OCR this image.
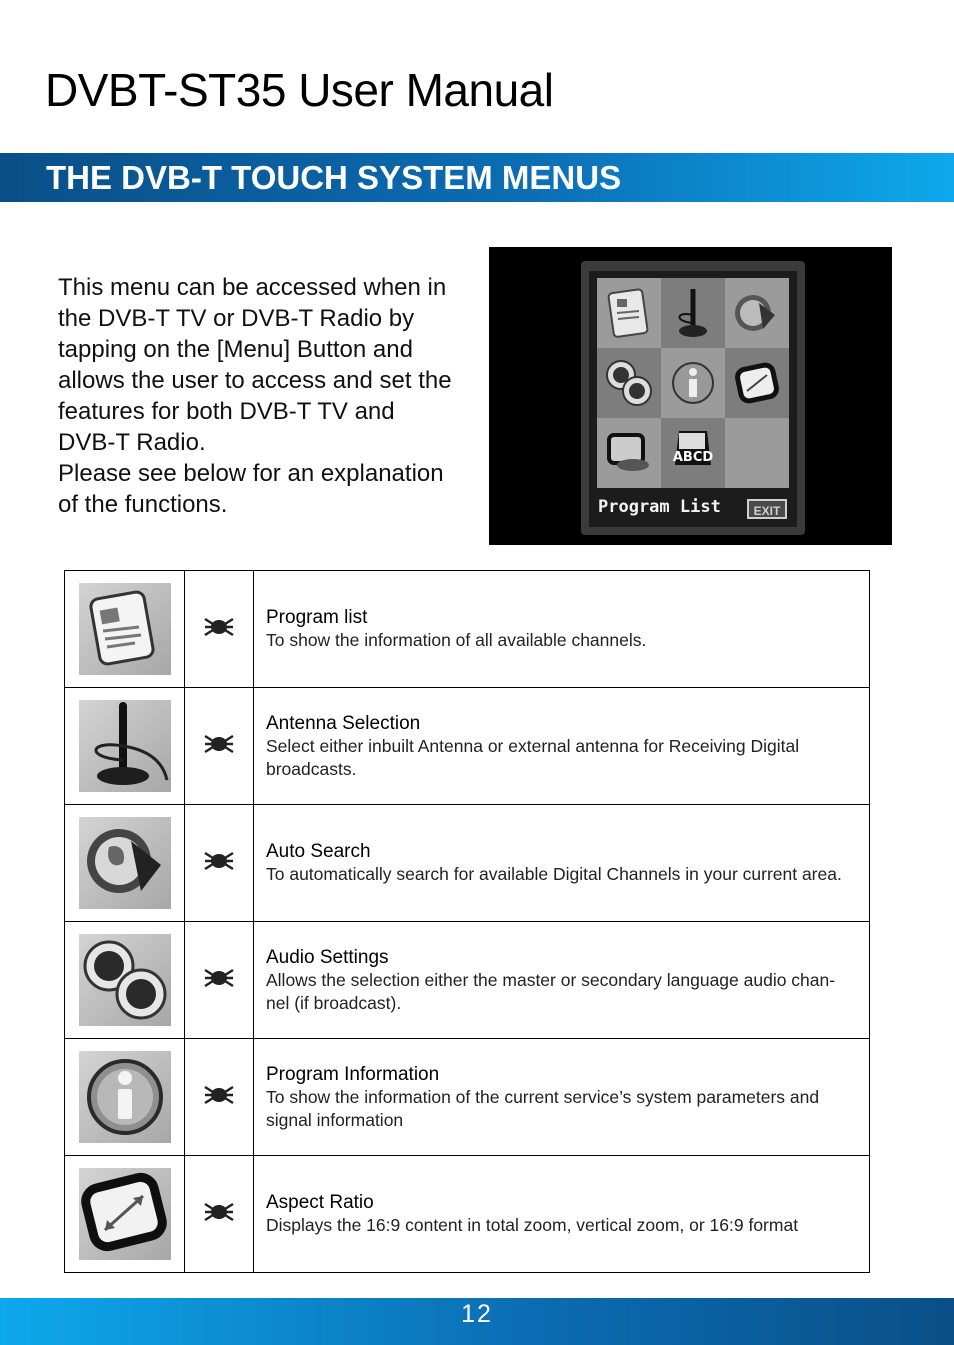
DVBT-ST35 User Manual
THE DVB-T TOUCH SYSTEM MENUS

This menu can be accessed when in the DVB-T TV or DVB-T Radio by tapping on the [Menu] Button and allows the user to access and set the features for both DVB-T TV and DVB-T Radio.

Please see below for an explanation of the functions.

ABCD
Program List	EXIT

Program list
To show the information of all available channels.

Antenna Selection
Select either inbuilt Antenna or external antenna for Receiving Digital broadcasts.

Auto Search
To automatically search for available Digital Channels in your current area.

Audio Settings
Allows the selection either the master or secondary language audio chan-nel (if broadcast).

Program Information
To show the information of the current service’s system parameters and signal information

Aspect Ratio
Displays the 16:9 content in total zoom, vertical zoom, or 16:9 format
12
